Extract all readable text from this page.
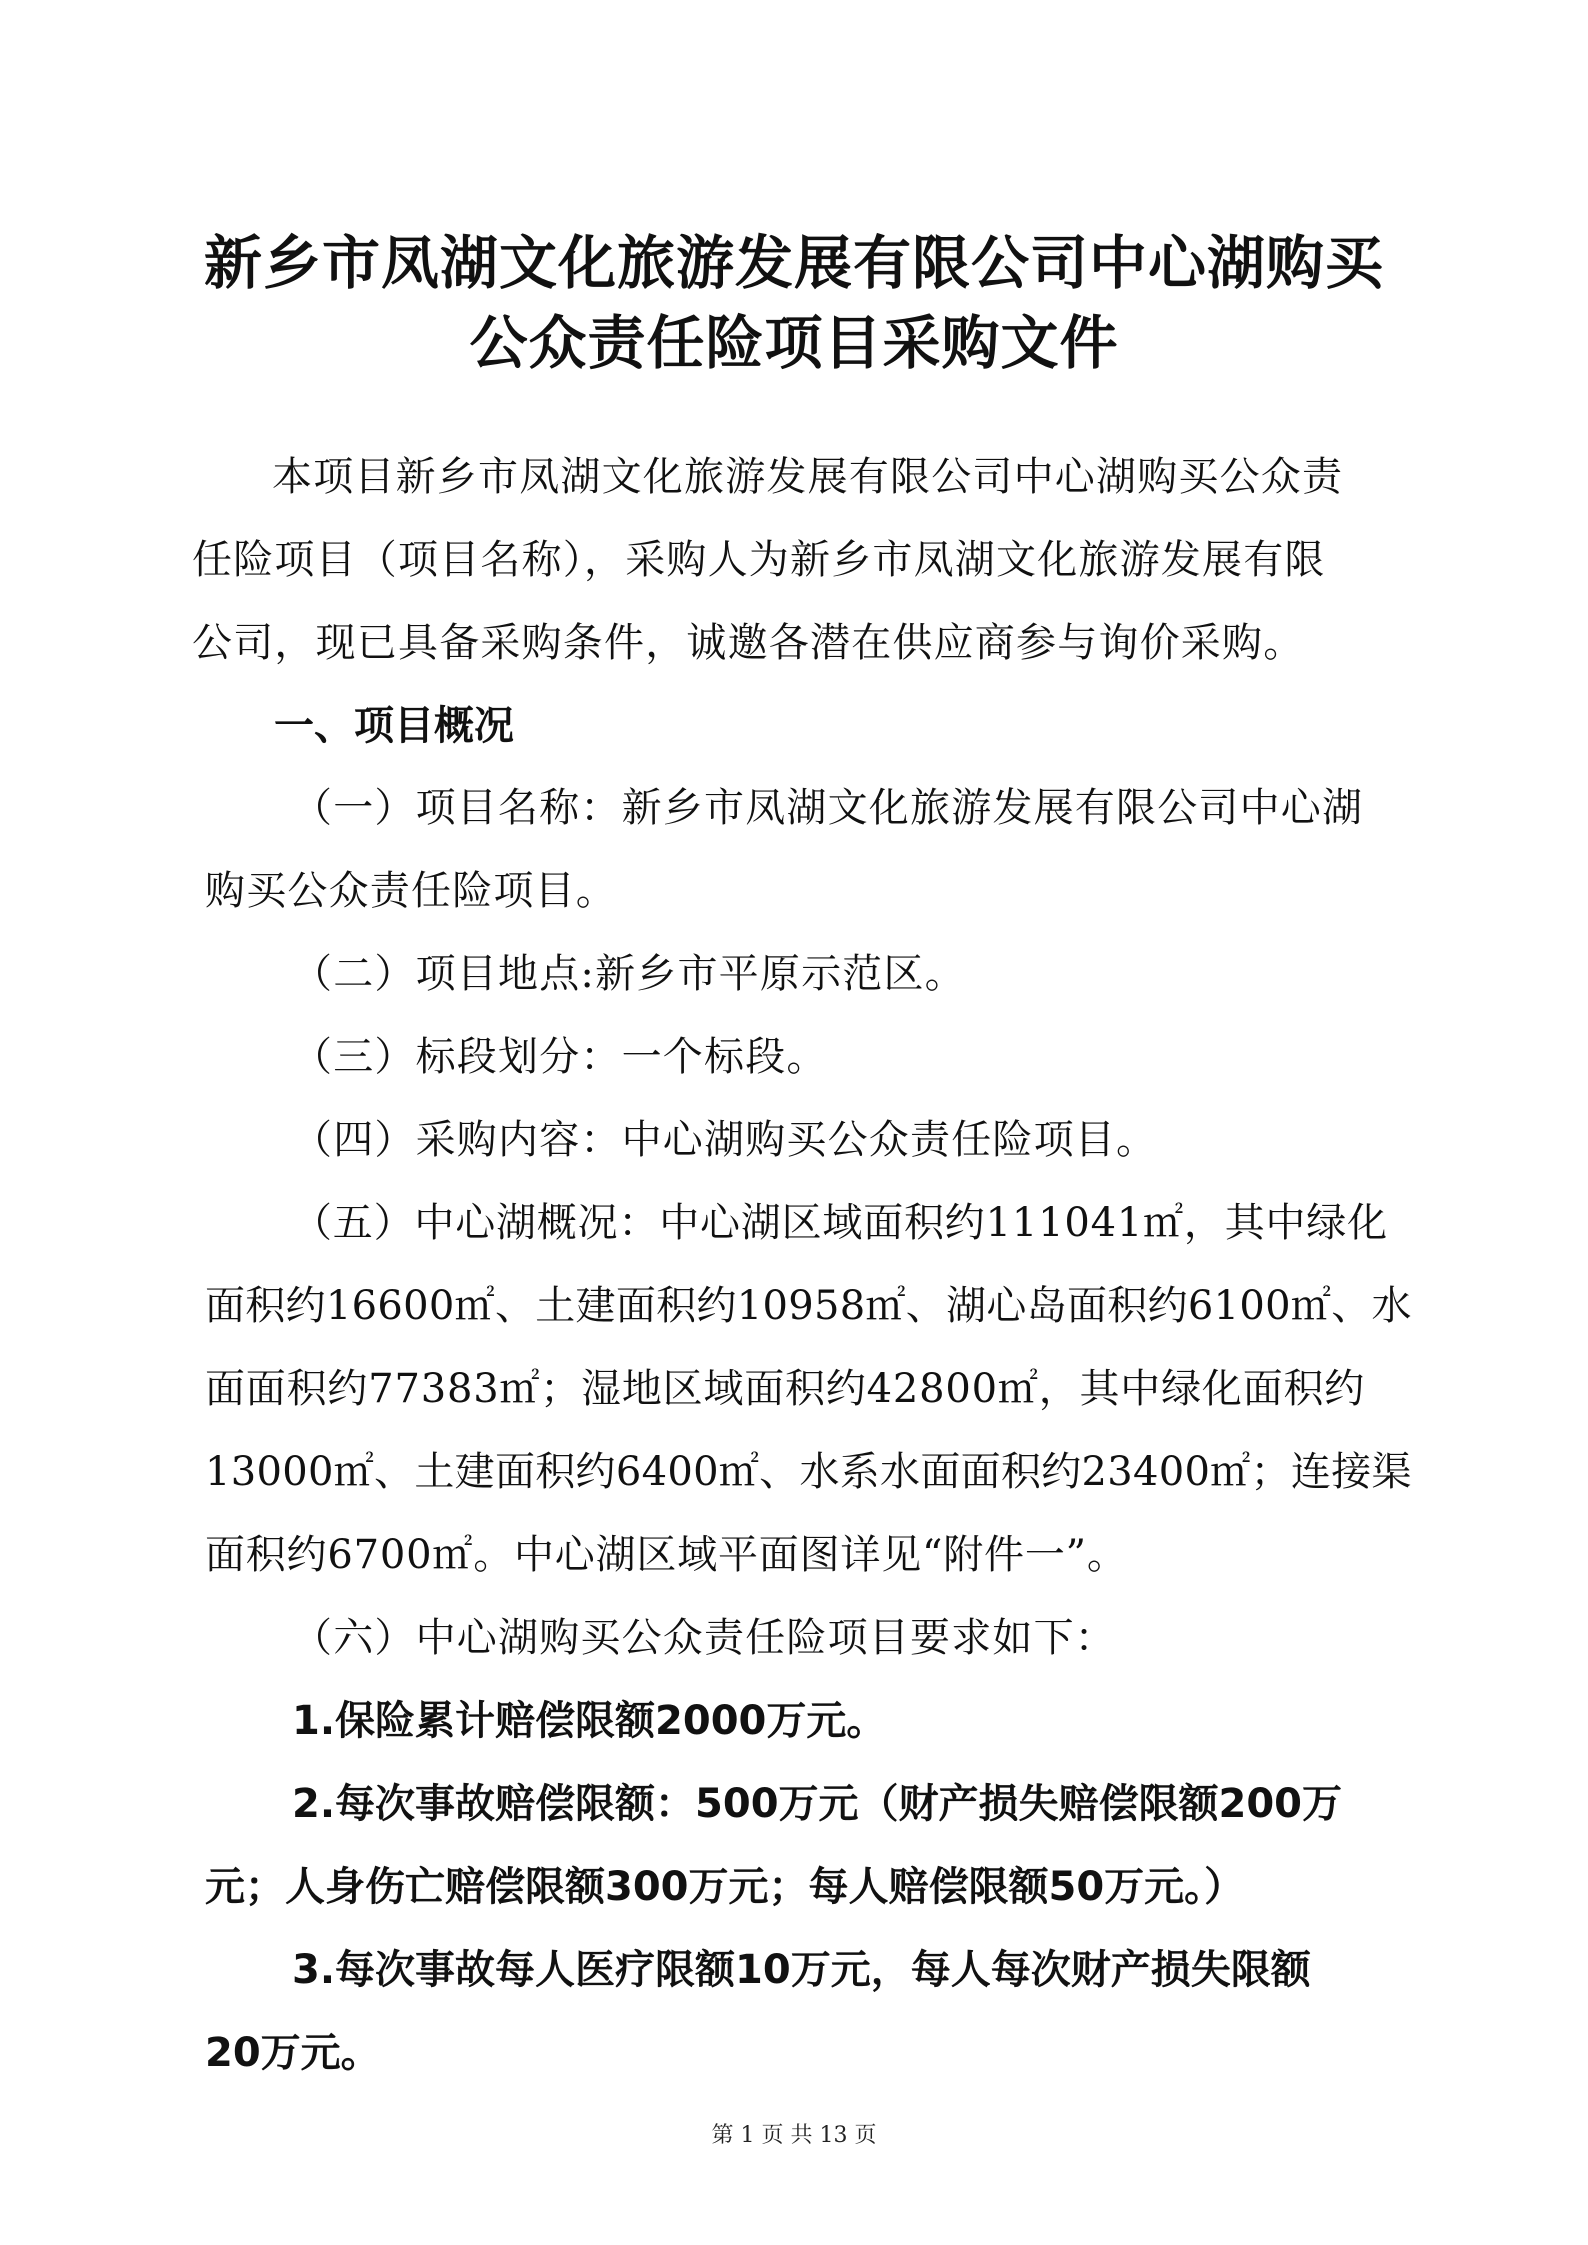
新乡市凤湖文化旅游发展有限公司中心湖购买
公众责任险项目采购文件

本项目新乡市凤湖文化旅游发展有限公司中心湖购买公众责

任险项目（项目名称），采购人为新乡市凤湖文化旅游发展有限

公司，现已具备采购条件，诚邀各潜在供应商参与询价采购。

一、项目概况

（一）项目名称：新乡市凤湖文化旅游发展有限公司中心湖

购买公众责任险项目。

（二）项目地点:新乡市平原示范区。

（三）标段划分：一个标段。

（四）采购内容：中心湖购买公众责任险项目。

（五）中心湖概况：中心湖区域面积约111041㎡，其中绿化

面积约16600㎡、土建面积约10958㎡、湖心岛面积约6100㎡、水

面面积约77383㎡；湿地区域面积约42800㎡，其中绿化面积约

13000㎡、土建面积约6400㎡、水系水面面积约23400㎡；连接渠

面积约6700㎡。中心湖区域平面图详见“附件一”。

（六）中心湖购买公众责任险项目要求如下：

1.保险累计赔偿限额2000万元。

2.每次事故赔偿限额：500万元（财产损失赔偿限额200万

元；人身伤亡赔偿限额300万元；每人赔偿限额50万元。）

3.每次事故每人医疗限额10万元，每人每次财产损失限额

20万元。

第 1 页 共 13 页
